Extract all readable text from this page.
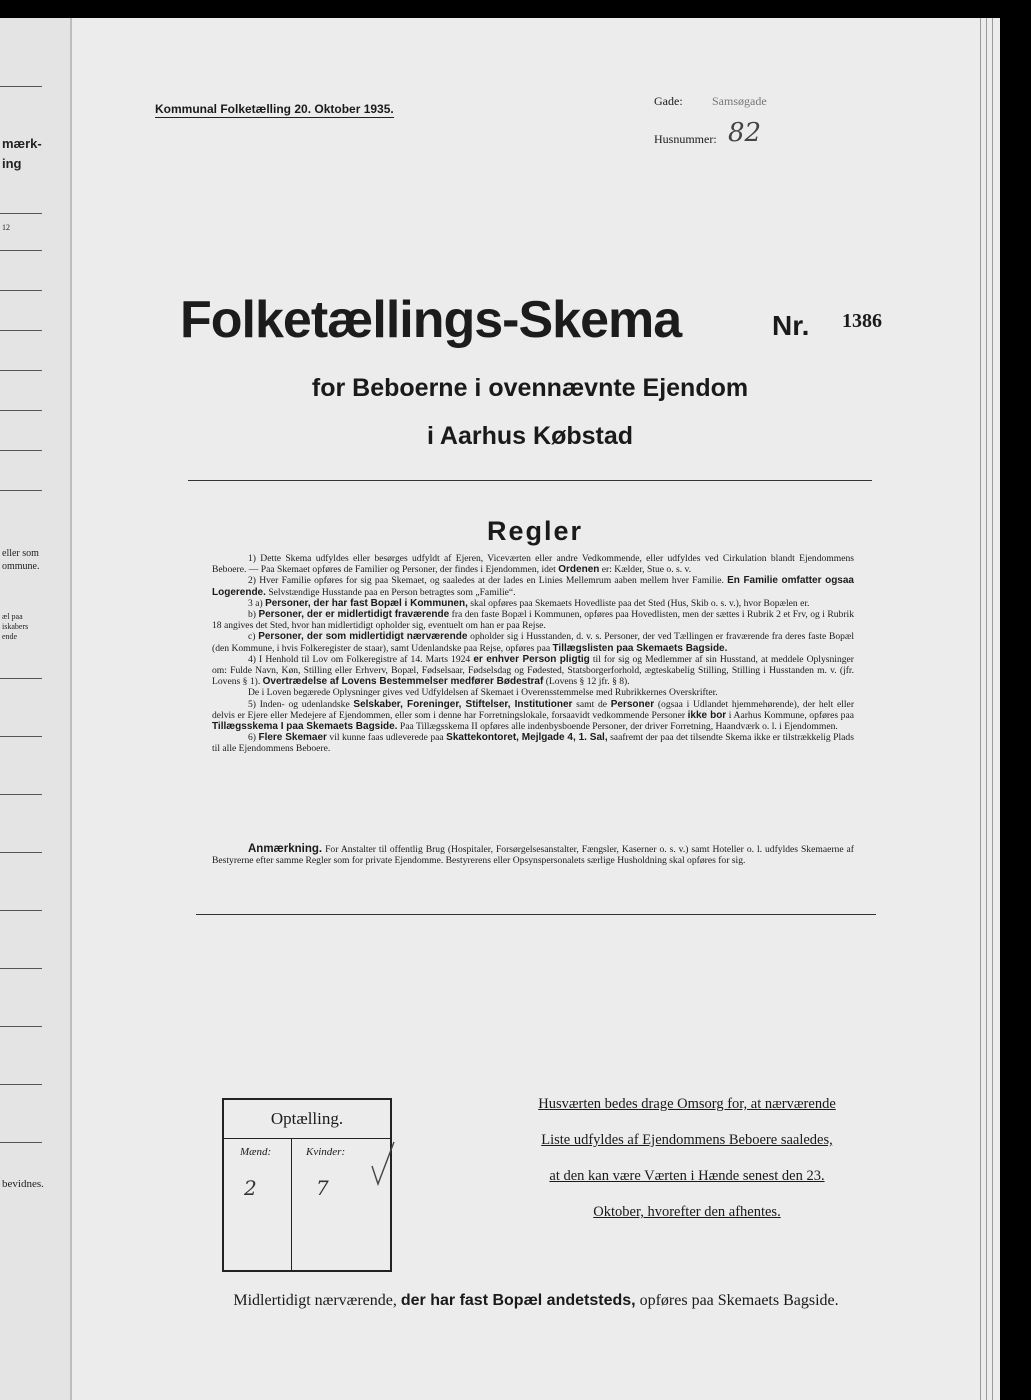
mærk-
ing
12
eller som
ommune.
æl paa
iskabers
ende
bevidnes.
Kommunal Folketælling 20. Oktober 1935.
Gade: Samsøgade
Husnummer: 82
Folketællings-Skema	Nr. 1386
for Beboerne i ovennævnte Ejendom
i Aarhus Købstad
Regler

1) Dette Skema udfyldes eller besørges udfyldt af Ejeren, Viceværten eller andre Vedkommende, eller udfyldes ved Cirkulation blandt Ejendommens Beboere. — Paa Skemaet opføres de Familier og Personer, der findes i Ejendommen, idet Ordenen er: Kælder, Stue o. s. v.

2) Hver Familie opføres for sig paa Skemaet, og saaledes at der lades en Linies Mellemrum aaben mellem hver Familie. En Familie omfatter ogsaa Logerende. Selvstændige Husstande paa en Person betragtes som „Familie“.

3 a) Personer, der har fast Bopæl i Kommunen, skal opføres paa Skemaets Hovedliste paa det Sted (Hus, Skib o. s. v.), hvor Bopælen er.

b) Personer, der er midlertidigt fraværende fra den faste Bopæl i Kommunen, opføres paa Hovedlisten, men der sættes i Rubrik 2 et Frv, og i Rubrik 18 angives det Sted, hvor han midlertidigt opholder sig, eventuelt om han er paa Rejse.

c) Personer, der som midlertidigt nærværende opholder sig i Husstanden, d. v. s. Personer, der ved Tællingen er fraværende fra deres faste Bopæl (den Kommune, i hvis Folkeregister de staar), samt Udenlandske paa Rejse, opføres paa Tillægslisten paa Skemaets Bagside.

4) I Henhold til Lov om Folkeregistre af 14. Marts 1924 er enhver Person pligtig til for sig og Medlemmer af sin Husstand, at meddele Oplysninger om: Fulde Navn, Køn, Stilling eller Erhverv, Bopæl, Fødselsaar, Fødselsdag og Fødested, Statsborgerforhold, ægteskabelig Stilling, Stilling i Husstanden m. v. (jfr. Lovens § 1). Overtrædelse af Lovens Bestemmelser medfører Bødestraf (Lovens § 12 jfr. § 8).

De i Loven begærede Oplysninger gives ved Udfyldelsen af Skemaet i Overensstemmelse med Rubrikkernes Overskrifter.

5) Inden- og udenlandske Selskaber, Foreninger, Stiftelser, Institutioner samt de Personer (ogsaa i Udlandet hjemmehørende), der helt eller delvis er Ejere eller Medejere af Ejendommen, eller som i denne har Forretningslokale, forsaavidt vedkommende Personer ikke bor i Aarhus Kommune, opføres paa Tillægsskema I paa Skemaets Bagside. Paa Tillægsskema II opføres alle indenbysboende Personer, der driver Forretning, Haandværk o. l. i Ejendommen.

6) Flere Skemaer vil kunne faas udleverede paa Skattekontoret, Mejlgade 4, 1. Sal, saafremt der paa det tilsendte Skema ikke er tilstrækkelig Plads til alle Ejendommens Beboere.

Anmærkning. For Anstalter til offentlig Brug (Hospitaler, Forsørgelsesanstalter, Fængsler, Kaserner o. s. v.) samt Hoteller o. l. udfyldes Skemaerne af Bestyrerne efter samme Regler som for private Ejendomme. Bestyrerens eller Opsynspersonalets særlige Husholdning skal opføres for sig.
Optælling.
Mænd:	Kvinder:
2	7
Husværten bedes drage Omsorg for, at nærværende
Liste udfyldes af Ejendommens Beboere saaledes,
at den kan være Værten i Hænde senest den 23.
Oktober, hvorefter den afhentes.
Midlertidigt nærværende, der har fast Bopæl andetsteds, opføres paa Skemaets Bagside.
